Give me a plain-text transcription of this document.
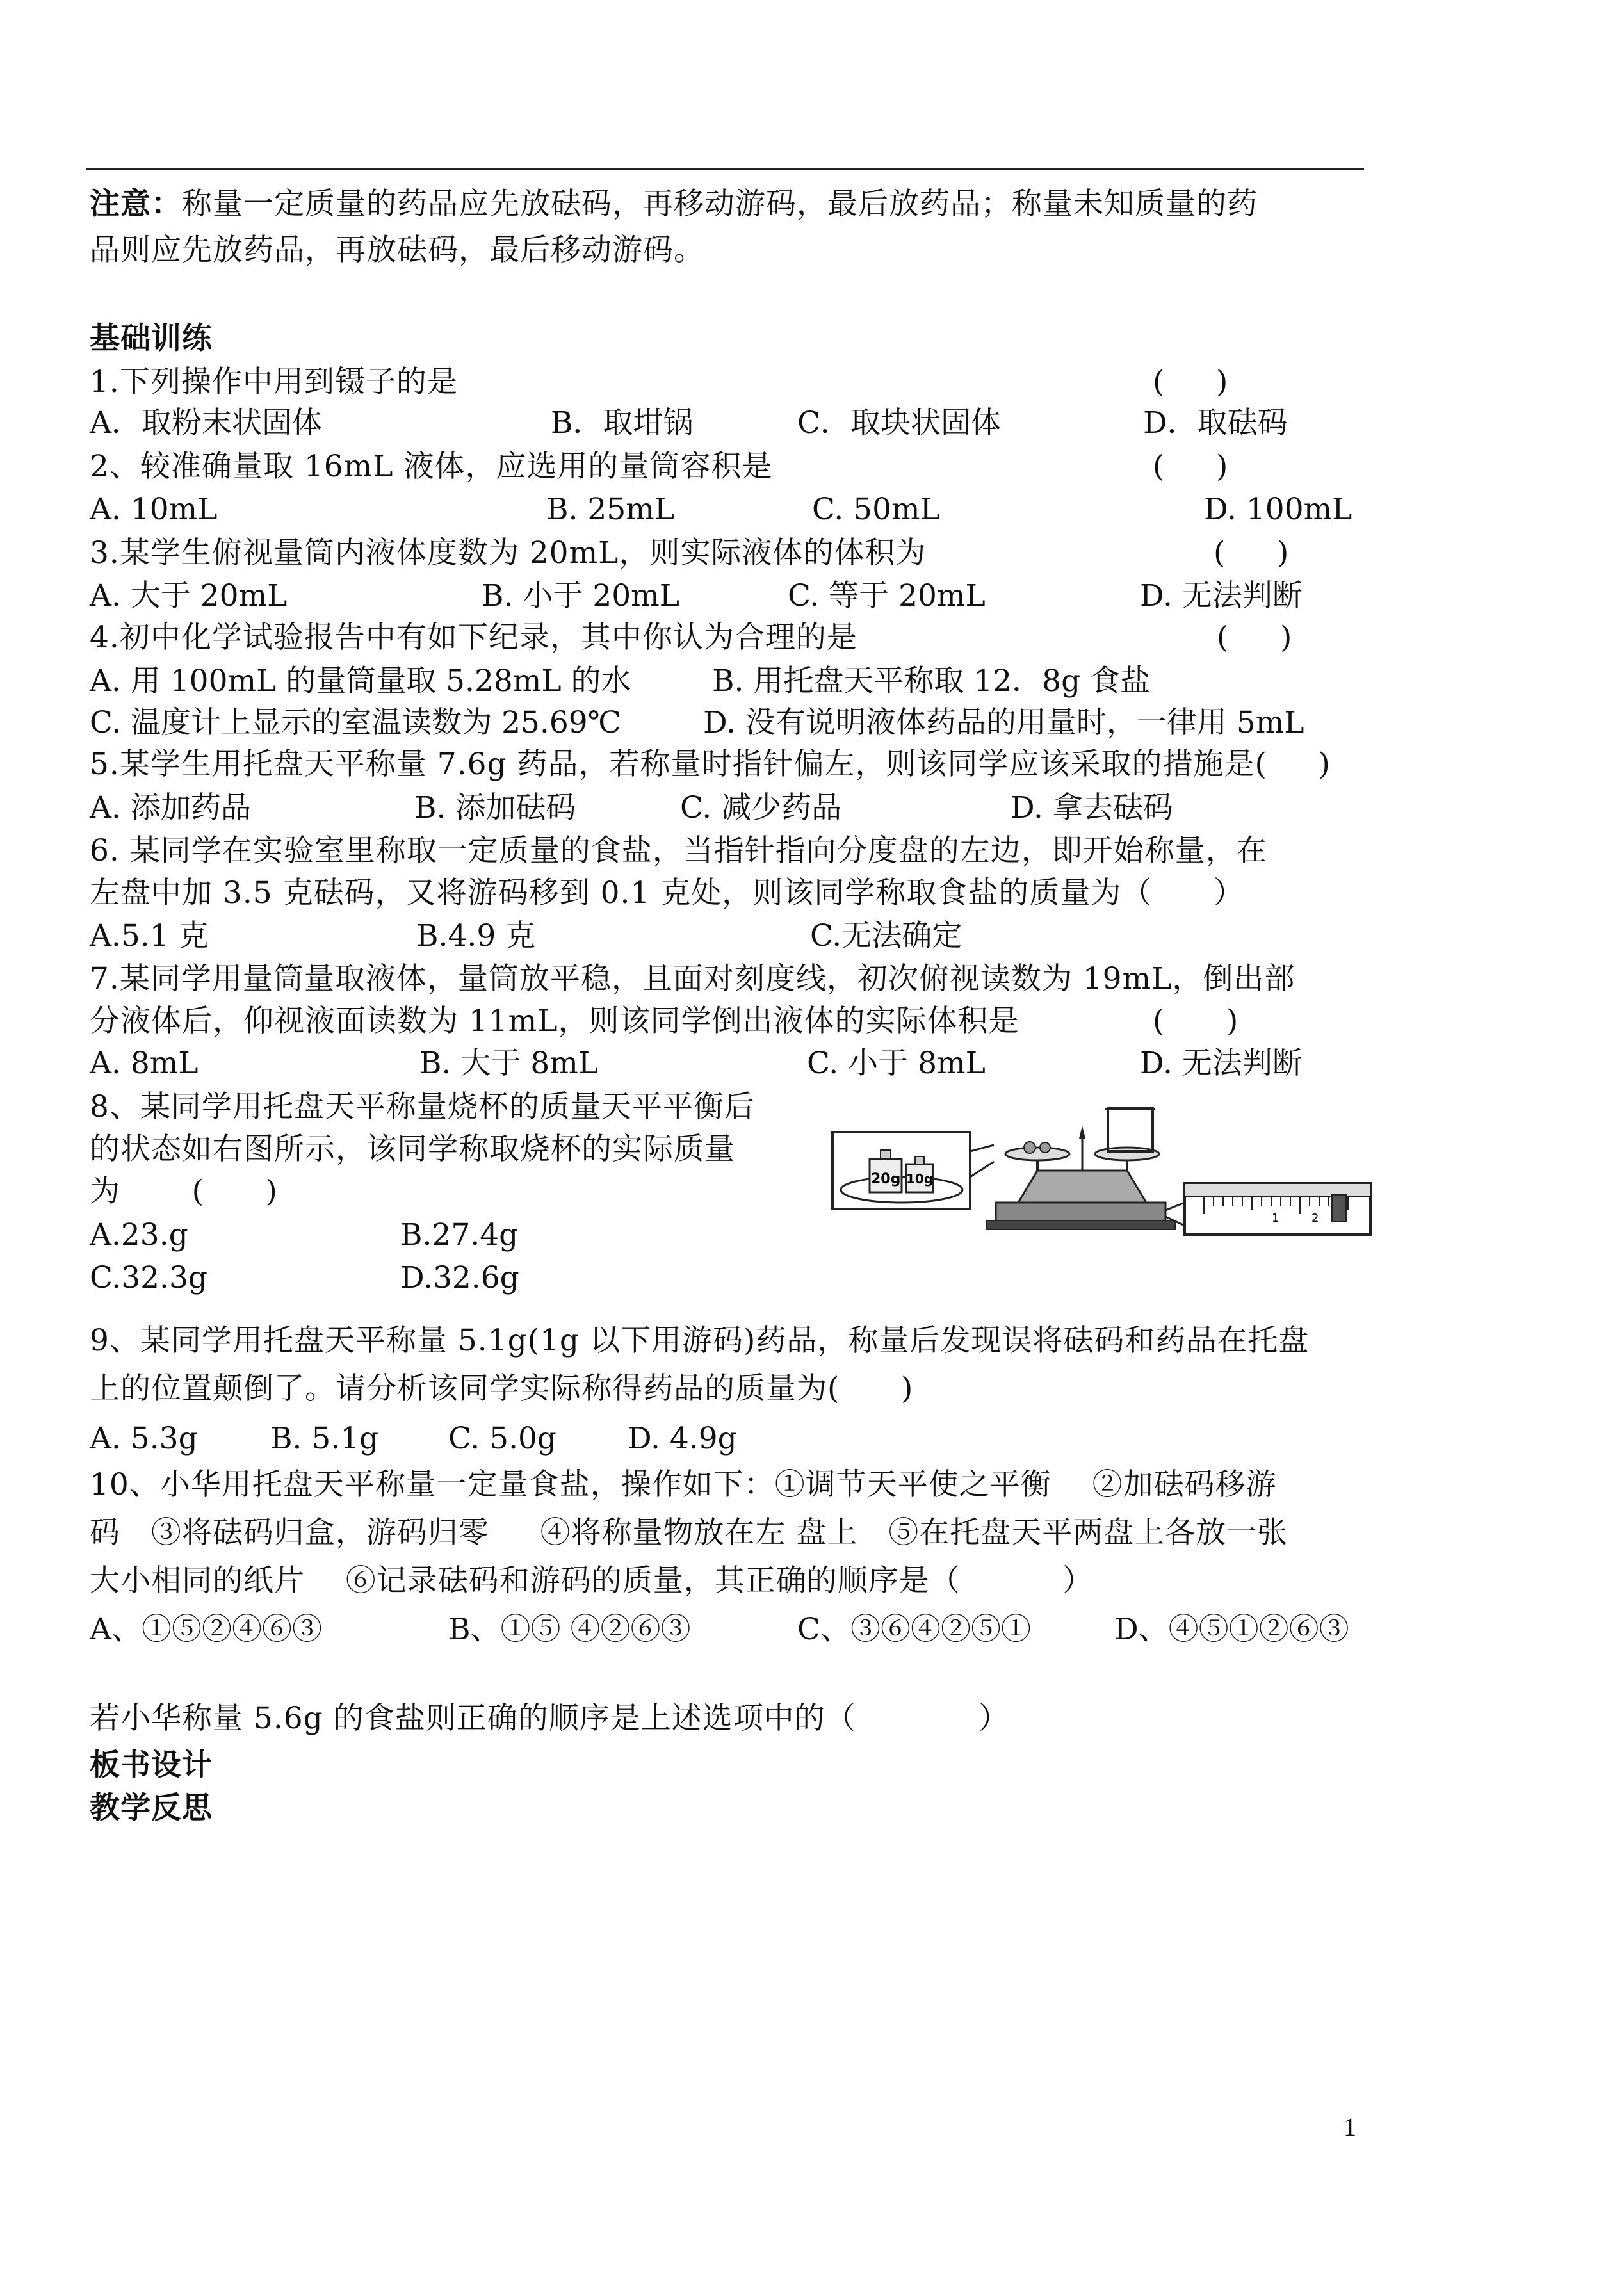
注意：称量一定质量的药品应先放砝码，再移动游码，最后放药品；称量未知质量的药
品则应先放药品，再放砝码，最后移动游码。
基础训练
1.下列操作中用到镊子的是	(     )
A．取粉末状固体	B．取坩锅	C．取块状固体	D．取砝码
2、较准确量取 16mL 液体，应选用的量筒容积是	(     )
A. 10mL	B. 25mL	C. 50mL	D. 100mL
3.某学生俯视量筒内液体度数为 20mL，则实际液体的体积为	(     )
A. 大于 20mL	B. 小于 20mL	C. 等于 20mL	D. 无法判断
4.初中化学试验报告中有如下纪录，其中你认为合理的是	(     )
A. 用 100mL 的量筒量取 5.28mL 的水	B. 用托盘天平称取 12．8g 食盐
C. 温度计上显示的室温读数为 25.69℃	D. 没有说明液体药品的用量时，一律用 5mL
5.某学生用托盘天平称量 7.6g 药品，若称量时指针偏左，则该同学应该采取的措施是(     )
A. 添加药品	B. 添加砝码	C. 减少药品	D. 拿去砝码
6. 某同学在实验室里称取一定质量的食盐，当指针指向分度盘的左边，即开始称量，在
左盘中加 3.5 克砝码，又将游码移到 0.1 克处，则该同学称取食盐的质量为（      ）
A.5.1 克	B.4.9 克	C.无法确定
7.某同学用量筒量取液体，量筒放平稳，且面对刻度线，初次俯视读数为 19mL，倒出部
分液体后，仰视液面读数为 11mL，则该同学倒出液体的实际体积是	(      )
A. 8mL	B. 大于 8mL	C. 小于 8mL	D. 无法判断
8、某同学用托盘天平称量烧杯的质量天平平衡后
的状态如右图所示，该同学称取烧杯的实际质量
为       (      )
A.23.g	B.27.4g
C.32.3g	D.32.6g
20g 10g
1	2
9、某同学用托盘天平称量 5.1g(1g 以下用游码)药品，称量后发现误将砝码和药品在托盘
上的位置颠倒了。请分析该同学实际称得药品的质量为(      )
A. 5.3g B. 5.1g C. 5.0g D. 4.9g
10、小华用托盘天平称量一定量食盐，操作如下：①调节天平使之平衡    ②加砝码移游
码   ③将砝码归盒，游码归零     ④将称量物放在左 盘上   ⑤在托盘天平两盘上各放一张
大小相同的纸片    ⑥记录砝码和游码的质量，其正确的顺序是（          ）
A、①⑤②④⑥③	B、①⑤ ④②⑥③	C、③⑥④②⑤①	D、④⑤①②⑥③
若小华称量 5.6g 的食盐则正确的顺序是上述选项中的（            ）
板书设计
教学反思
1
